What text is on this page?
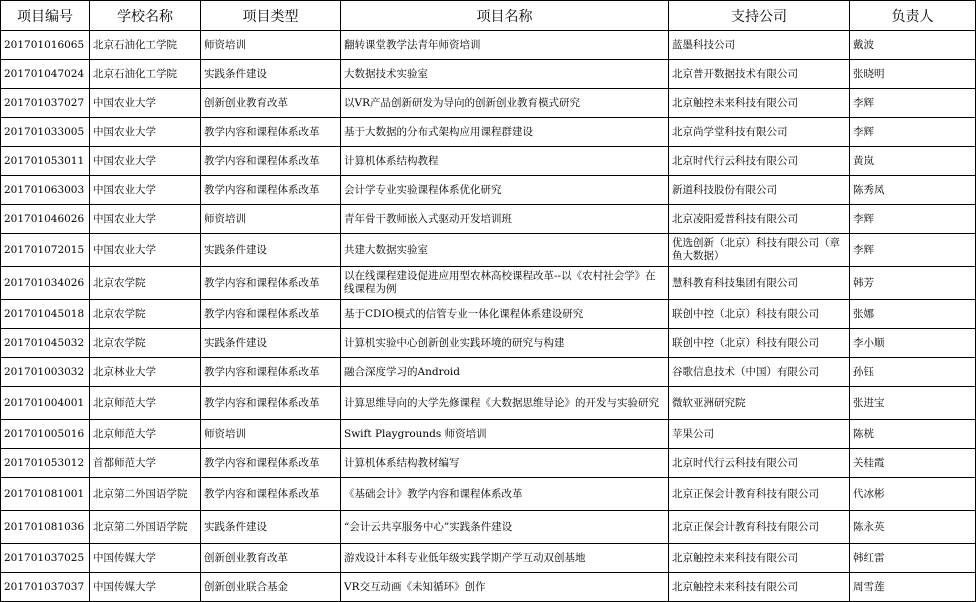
项目编号	学校名称	项目类型	项目名称	支持公司	负责人
201701016065	北京石油化工学院	师资培训	翻转课堂教学法青年师资培训	蓝墨科技公司	戴波
201701047024	北京石油化工学院	实践条件建设	大数据技术实验室	北京普开数据技术有限公司	张晓明
201701037027	中国农业大学	创新创业教育改革	以VR产品创新研发为导向的创新创业教育模式研究	北京触控未来科技有限公司	李辉
201701033005	中国农业大学	教学内容和课程体系改革	基于大数据的分布式架构应用课程群建设	北京尚学堂科技有限公司	李辉
201701053011	中国农业大学	教学内容和课程体系改革	计算机体系结构教程	北京时代行云科技有限公司	黄岚
201701063003	中国农业大学	教学内容和课程体系改革	会计学专业实验课程体系优化研究	新道科技股份有限公司	陈秀凤
201701046026	中国农业大学	师资培训	青年骨干教师嵌入式驱动开发培训班	北京凌阳爱普科技有限公司	李辉
201701072015	中国农业大学	实践条件建设	共建大数据实验室	优选创新（北京）科技有限公司（章鱼大数据）	李辉
201701034026	北京农学院	教学内容和课程体系改革	以在线课程建设促进应用型农林高校课程改革--以《农村社会学》在线课程为例	慧科教育科技集团有限公司	韩芳
201701045018	北京农学院	教学内容和课程体系改革	基于CDIO模式的信管专业一体化课程体系建设研究	联创中控（北京）科技有限公司	张娜
201701045032	北京农学院	实践条件建设	计算机实验中心创新创业实践环境的研究与构建	联创中控（北京）科技有限公司	李小顺
201701003032	北京林业大学	教学内容和课程体系改革	融合深度学习的Android	谷歌信息技术（中国）有限公司	孙钰
201701004001	北京师范大学	教学内容和课程体系改革	计算思维导向的大学先修课程《大数据思维导论》的开发与实验研究	微软亚洲研究院	张进宝
201701005016	北京师范大学	师资培训	Swift Playgrounds 师资培训	苹果公司	陈桄
201701053012	首都师范大学	教学内容和课程体系改革	计算机体系结构教材编写	北京时代行云科技有限公司	关桂霞
201701081001	北京第二外国语学院	教学内容和课程体系改革	《基础会计》教学内容和课程体系改革	北京正保会计教育科技有限公司	代冰彬
201701081036	北京第二外国语学院	实践条件建设	“会计云共享服务中心”实践条件建设	北京正保会计教育科技有限公司	陈永英
201701037025	中国传媒大学	创新创业教育改革	游戏设计本科专业低年级实践学期产学互动双创基地	北京触控未来科技有限公司	韩红雷
201701037037	中国传媒大学	创新创业联合基金	VR交互动画《未知循环》创作	北京触控未来科技有限公司	周雪莲
